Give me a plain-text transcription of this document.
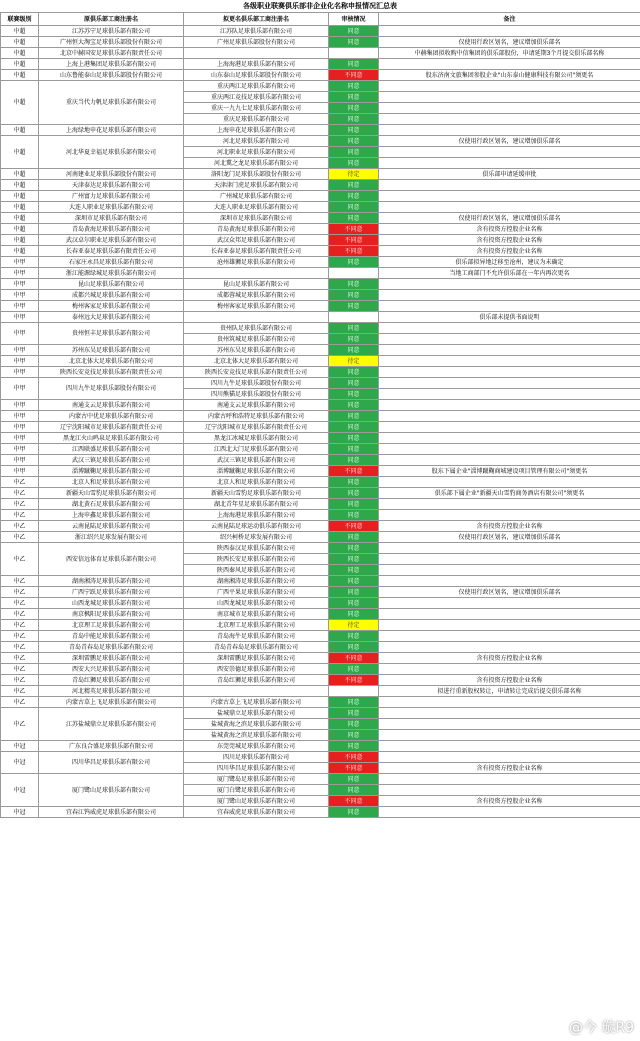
各级职业联赛俱乐部非企业化名称申报情况汇总表
联赛级别	原俱乐部工商注册名	拟更名俱乐部工商注册名	审核情况	备注
中超	江苏苏宁足球俱乐部有限公司	江苏队足球俱乐部有限公司	同意	
中超	广州恒大淘宝足球俱乐部股份有限公司	广州足球俱乐部股份有限公司	同意	仅使用行政区划名，建议增加俱乐部名
中超	北京中赫国安足球俱乐部有限责任公司			中赫集团拟收购中信集团的俱乐部股份，申请延期3个月提交俱乐部名称
中超	上海上港集团足球俱乐部有限公司	上海海港足球俱乐部有限公司	同意	
中超	山东鲁能泰山足球俱乐部股份有限公司	山东泰山足球俱乐部股份有限公司	不同意	股东济南文旅集团参股企业"山东泰山健康科技有限公司"须更名
中超	重庆当代力帆足球俱乐部有限公司	重庆两江足球俱乐部有限公司	同意	
		重庆两江竞技足球俱乐部有限公司	同意	
		重庆一九九七足球俱乐部有限公司	同意	
		重庆足球俱乐部有限公司	同意	
中超	上海绿地申花足球俱乐部有限公司	上海申花足球俱乐部有限公司	同意	
中超	河北华夏幸福足球俱乐部有限公司	河北足球俱乐部有限公司	同意	仅使用行政区划名，建议增加俱乐部名
		河北职业足球俱乐部有限公司	同意	
		河北冀之龙足球俱乐部有限公司	同意	
中超	河南建业足球俱乐部股份有限公司	洛阳龙门足球俱乐部股份有限公司	待定	俱乐部申请延缓审批
中超	天津泰达足球俱乐部有限公司	天津津门虎足球俱乐部有限公司	同意	
中超	广州富力足球俱乐部有限公司	广州城足球俱乐部有限公司	同意	
中超	大连人职业足球俱乐部有限公司	大连人职业足球俱乐部有限公司	同意	
中超	深圳市足球俱乐部有限公司	深圳市足球俱乐部有限公司	同意	仅使用行政区划名，建议增加俱乐部名
中超	青岛黄海足球俱乐部有限公司	青岛黄海足球俱乐部有限公司	不同意	含有投资方控股企业名称
中超	武汉卓尔职业足球俱乐部有限公司	武汉众邦足球俱乐部有限公司	不同意	含有投资方控股企业名称
中超	长春亚泰足球俱乐部有限责任公司	长春亚泰足球俱乐部有限责任公司	不同意	含有投资方控股企业名称
中甲	石家庄永昌足球俱乐部有限公司	沧州雄狮足球俱乐部有限公司	同意	俱乐部拟异地迁移至沧州，建议为未确定
中甲	浙江能源绿城足球俱乐部有限公司			当地工商部门不允许俱乐部在一年内再次更名
中甲	昆山足球俱乐部有限公司	昆山足球俱乐部有限公司	同意	
中甲	成都兴城足球俱乐部有限公司	成都蓉城足球俱乐部有限公司	同意	
中甲	梅州客家足球俱乐部有限公司	梅州客家足球俱乐部有限公司	同意	
中甲	泰州远大足球俱乐部有限公司			俱乐部未提供书面说明
中甲	贵州恒丰足球俱乐部有限公司	贵州队足球俱乐部有限公司	同意	
		贵州筑城足球俱乐部有限公司	同意	
中甲	苏州东吴足球俱乐部有限公司	苏州东吴足球俱乐部有限公司	同意	
中甲	北京北体大足球俱乐部有限公司	北京北体大足球俱乐部有限公司	待定	
中甲	陕西长安竞技足球俱乐部有限责任公司	陕西长安竞技足球俱乐部有限责任公司	同意	
中甲	四川九牛足球俱乐部股份有限公司	四川九牛足球俱乐部股份有限公司	同意	
		四川熊猫足球俱乐部股份有限公司	同意	
中甲	南通支云足球俱乐部有限公司	南通支云足球俱乐部有限公司	同意	
中甲	内蒙古中优足球俱乐部有限公司	内蒙古呼和浩特足球俱乐部有限公司	同意	
中甲	辽宁沈阳城市足球俱乐部有限责任公司	辽宁沈阳城市足球俱乐部有限责任公司	同意	
中甲	黑龙江火山鸣泉足球俱乐部有限公司	黑龙江冰城足球俱乐部有限公司	同意	
中甲	江西联盛足球俱乐部有限公司	江西北大门足球俱乐部有限公司	同意	
中甲	武汉三镇足球俱乐部有限公司	武汉三镇足球俱乐部有限公司	同意	
中甲	淄博蹴鞠足球俱乐部有限公司	淄博蹴鞠足球俱乐部有限公司	不同意	股东下属企业"淄博蹴鞠商城建设项目管理有限公司"须更名
中乙	北京人和足球俱乐部有限公司	北京人和足球俱乐部有限公司	同意	
中乙	新疆天山雪豹足球俱乐部有限公司	新疆天山雪豹足球俱乐部有限公司	同意	俱乐部下属企业"新疆天山雪豹商务酒店有限公司"须更名
中乙	湖北黄石足球俱乐部有限公司	湖北青年星足球俱乐部有限公司	同意	
中乙	上海申鑫足球俱乐部有限公司	上海海港足球俱乐部有限公司	同意	
中乙	云南昆陆足球俱乐部有限公司	云南昆陆足球运动俱乐部有限公司	不同意	含有投资方控股企业名称
中乙	浙江绍兴足球发展有限公司	绍兴柯桥足球发展有限公司	同意	仅使用行政区划名，建议增加俱乐部名
中乙	西安信远体育足球俱乐部有限公司	陕西泰汉足球俱乐部有限公司	同意	
		陕西长安足球俱乐部有限公司	同意	
		陕西秦风足球俱乐部有限公司	同意	
中乙	湖南湘涛足球俱乐部有限公司	湖南湘涛足球俱乐部有限公司	同意	
中乙	广西宁跃足球俱乐部有限公司	广西平果足球俱乐部有限公司	同意	仅使用行政区划名，建议增加俱乐部名
中乙	山西龙城足球俱乐部有限公司	山西龙城足球俱乐部有限公司	同意	
中乙	南京枫阳足球俱乐部有限公司	南京城市足球俱乐部有限公司	同意	
中乙	北京理工足球俱乐部有限公司	北京理工足球俱乐部有限公司	待定	
中乙	青岛中能足球俱乐部有限公司	青岛海牛足球俱乐部有限公司	同意	
中乙	青岛青春岛足球俱乐部有限公司	青岛青春岛足球俱乐部有限公司	同意	
中乙	深圳雷鹏足球俱乐部有限公司	深圳雷鹏足球俱乐部有限公司	不同意	含有投资方控股企业名称
中乙	西安大兴足球俱乐部有限公司	西安崇德足球俱乐部有限公司	同意	
中乙	青岛红狮足球俱乐部有限公司	青岛红狮足球俱乐部有限公司	不同意	含有投资方控股企业名称
中乙	河北精英足球俱乐部有限公司			拟进行重新股权转让，申请转让完成后提交俱乐部名称
中乙	内蒙古草上飞足球俱乐部有限公司	内蒙古草上飞足球俱乐部有限公司	同意	
中乙	江苏盐城鼎立足球俱乐部有限公司	盐城鼎立足球俱乐部有限公司	同意	
		盐城黄海之滨足球俱乐部有限公司	同意	
		盐城黄海之滨足球俱乐部有限公司	同意	
中冠	广东良合盛足球俱乐部有限公司	东莞莞城足球俱乐部有限公司	同意	
中冠	四川华昌足球俱乐部有限公司	四川足球俱乐部有限公司	不同意	
		四川华昌足球俱乐部有限公司	不同意	含有投资方控股企业名称
中冠	厦门鹭山足球俱乐部有限公司	厦门鹭岛足球俱乐部有限公司	同意	
		厦门白鹭足球俱乐部有限公司	同意	
		厦门鹭山足球俱乐部有限公司	不同意	含有投资方控股企业名称
中冠	宜春江钨威虎足球俱乐部有限公司	宜春威虎足球俱乐部有限公司	同意	
@今 璇R9
